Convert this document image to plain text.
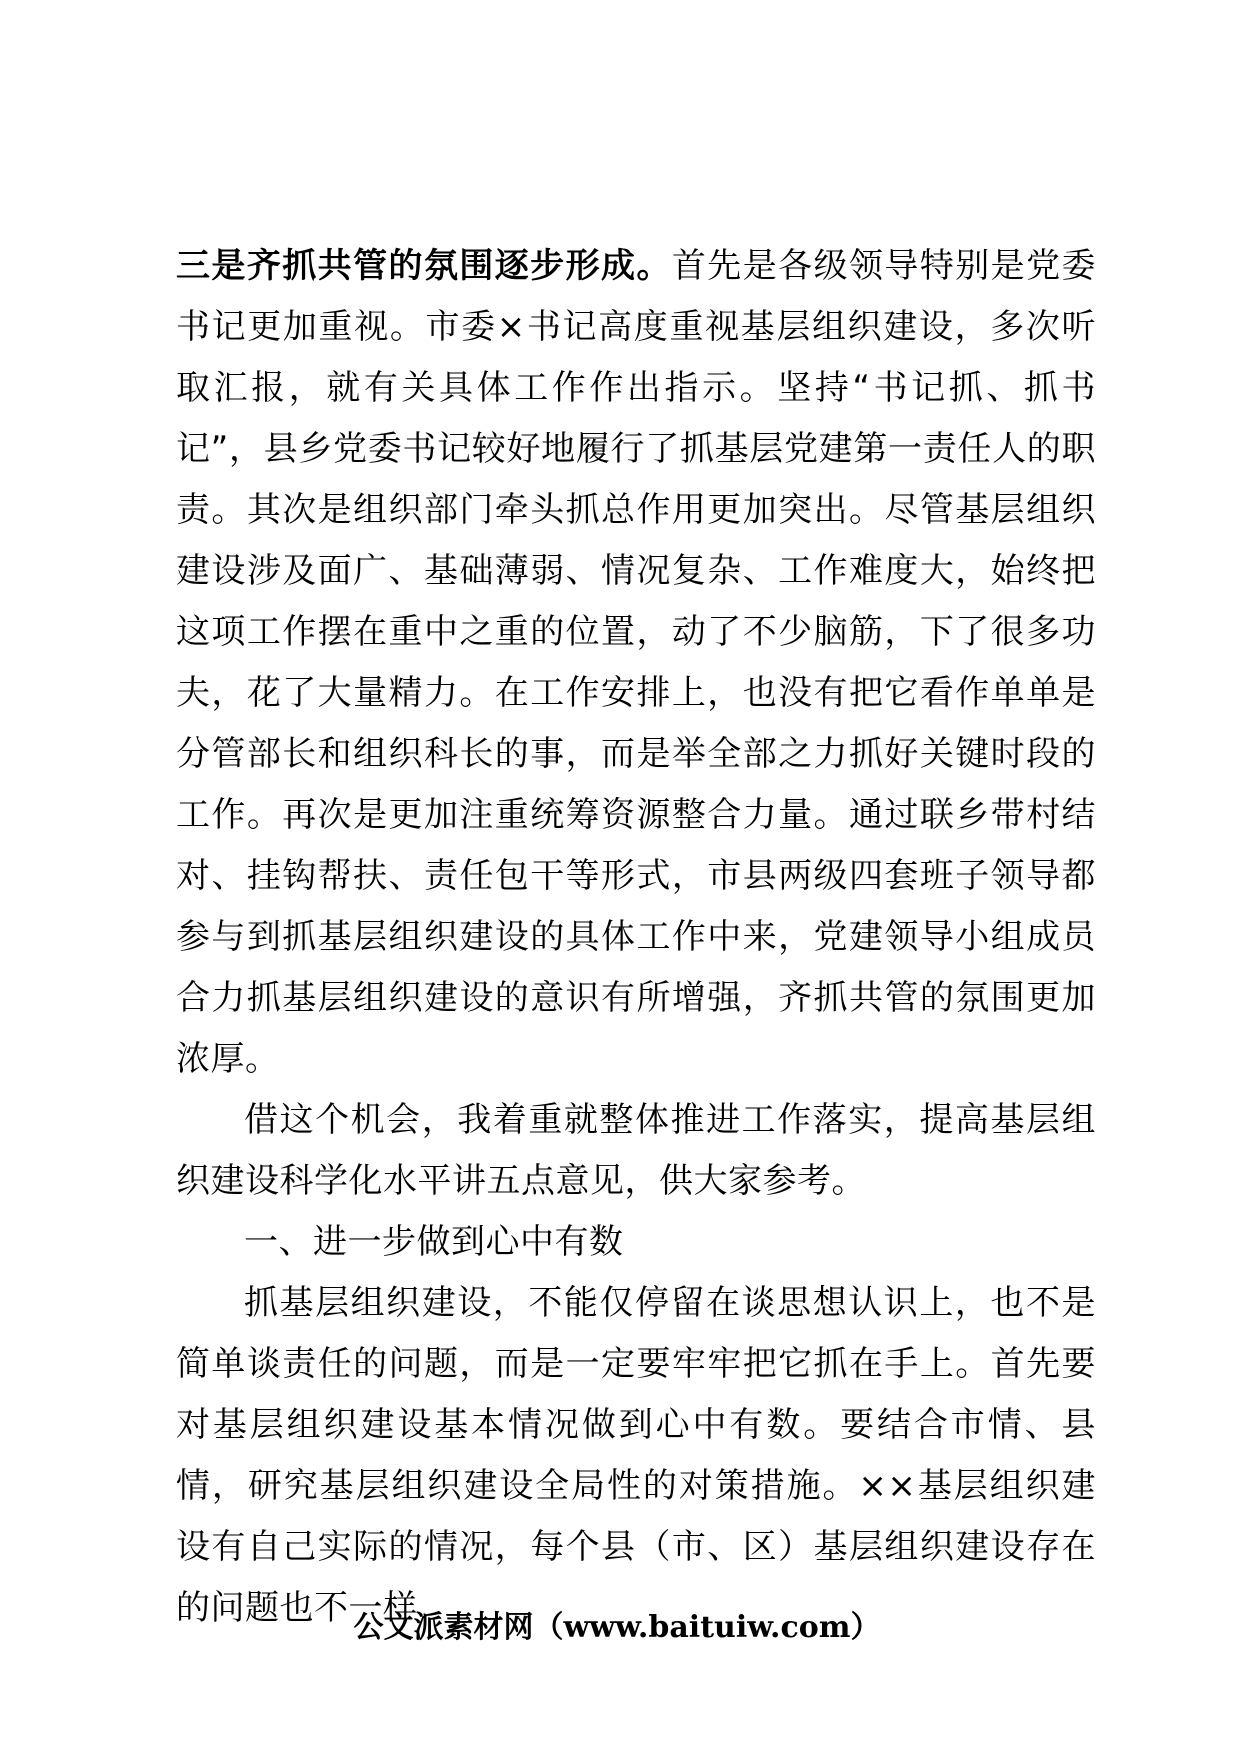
三是齐抓共管的氛围逐步形成。首先是各级领导特别是党委书记更加重视。市委×书记高度重视基层组织建设，多次听取汇报，就有关具体工作作出指示。坚持“书记抓、抓书记”，县乡党委书记较好地履行了抓基层党建第一责任人的职责。其次是组织部门牵头抓总作用更加突出。尽管基层组织建设涉及面广、基础薄弱、情况复杂、工作难度大，始终把这项工作摆在重中之重的位置，动了不少脑筋，下了很多功夫，花了大量精力。在工作安排上，也没有把它看作单单是分管部长和组织科长的事，而是举全部之力抓好关键时段的工作。再次是更加注重统筹资源整合力量。通过联乡带村结对、挂钩帮扶、责任包干等形式，市县两级四套班子领导都参与到抓基层组织建设的具体工作中来，党建领导小组成员合力抓基层组织建设的意识有所增强，齐抓共管的氛围更加浓厚。

借这个机会，我着重就整体推进工作落实，提高基层组织建设科学化水平讲五点意见，供大家参考。

一、进一步做到心中有数

抓基层组织建设，不能仅停留在谈思想认识上，也不是简单谈责任的问题，而是一定要牢牢把它抓在手上。首先要对基层组织建设基本情况做到心中有数。要结合市情、县情，研究基层组织建设全局性的对策措施。××基层组织建设有自己实际的情况，每个县（市、区）基层组织建设存在的问题也不一样

公文派素材网（www.baituiw.com）
